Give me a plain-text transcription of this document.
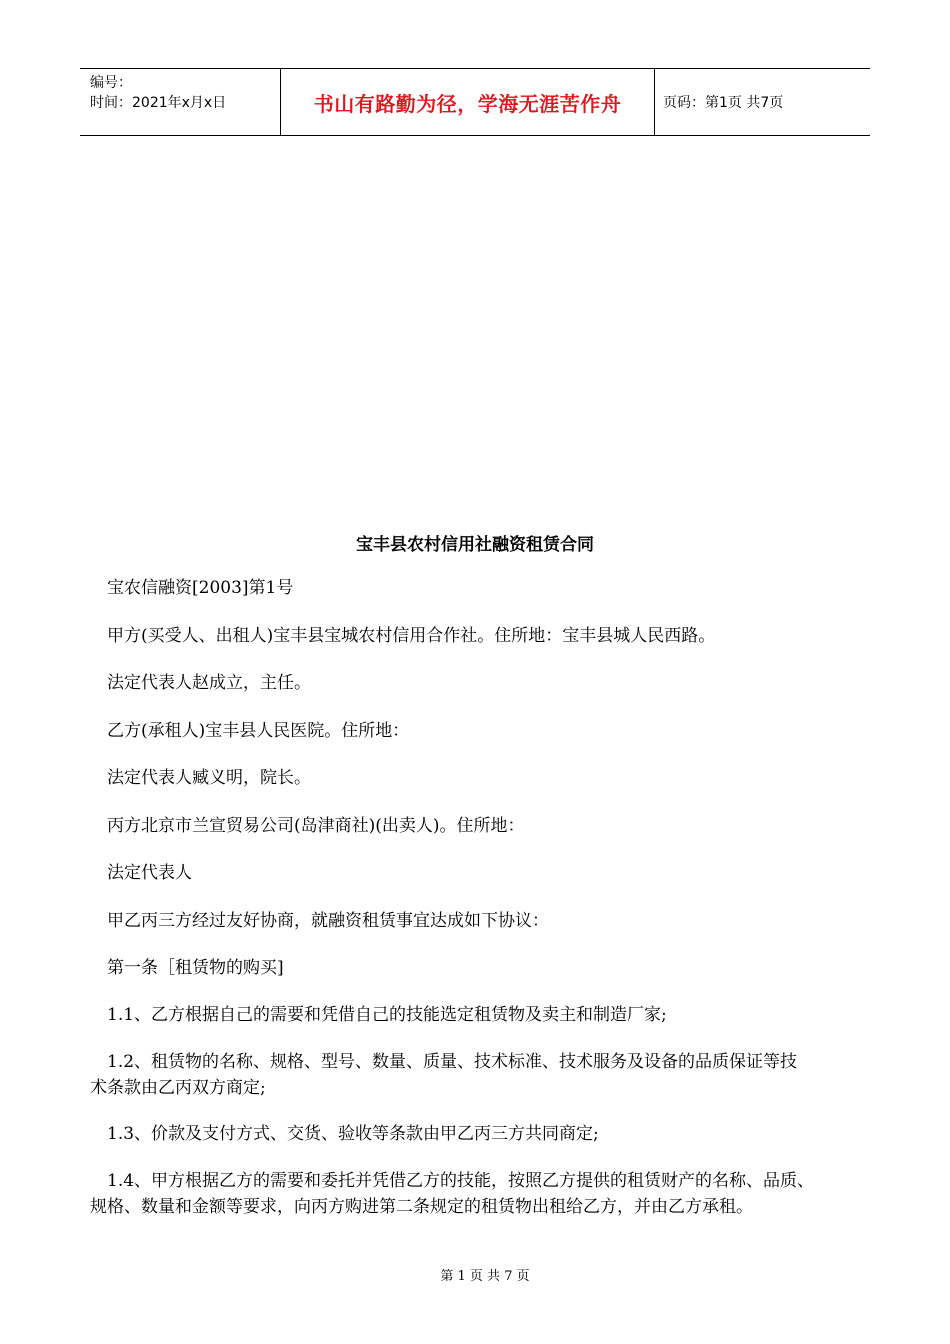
编号：
时间：2021年x月x日	书山有路勤为径，学海无涯苦作舟	页码：第1页 共7页
宝丰县农村信用社融资租赁合同

宝农信融资[2003]第1号

甲方(买受人、出租人)宝丰县宝城农村信用合作社。住所地：宝丰县城人民西路。

法定代表人赵成立，主任。

乙方(承租人)宝丰县人民医院。住所地：

法定代表人臧义明，院长。

丙方北京市兰宣贸易公司(岛津商社)(出卖人)。住所地：

法定代表人

甲乙丙三方经过友好协商，就融资租赁事宜达成如下协议：

第一条［租赁物的购买]

1.1、乙方根据自己的需要和凭借自己的技能选定租赁物及卖主和制造厂家;

1.2、租赁物的名称、规格、型号、数量、质量、技术标准、技术服务及设备的品质保证等技
术条款由乙丙双方商定;

1.3、价款及支付方式、交货、验收等条款由甲乙丙三方共同商定;

1.4、甲方根据乙方的需要和委托并凭借乙方的技能，按照乙方提供的租赁财产的名称、品质、
规格、数量和金额等要求，向丙方购进第二条规定的租赁物出租给乙方，并由乙方承租。

第 1 页 共 7 页
